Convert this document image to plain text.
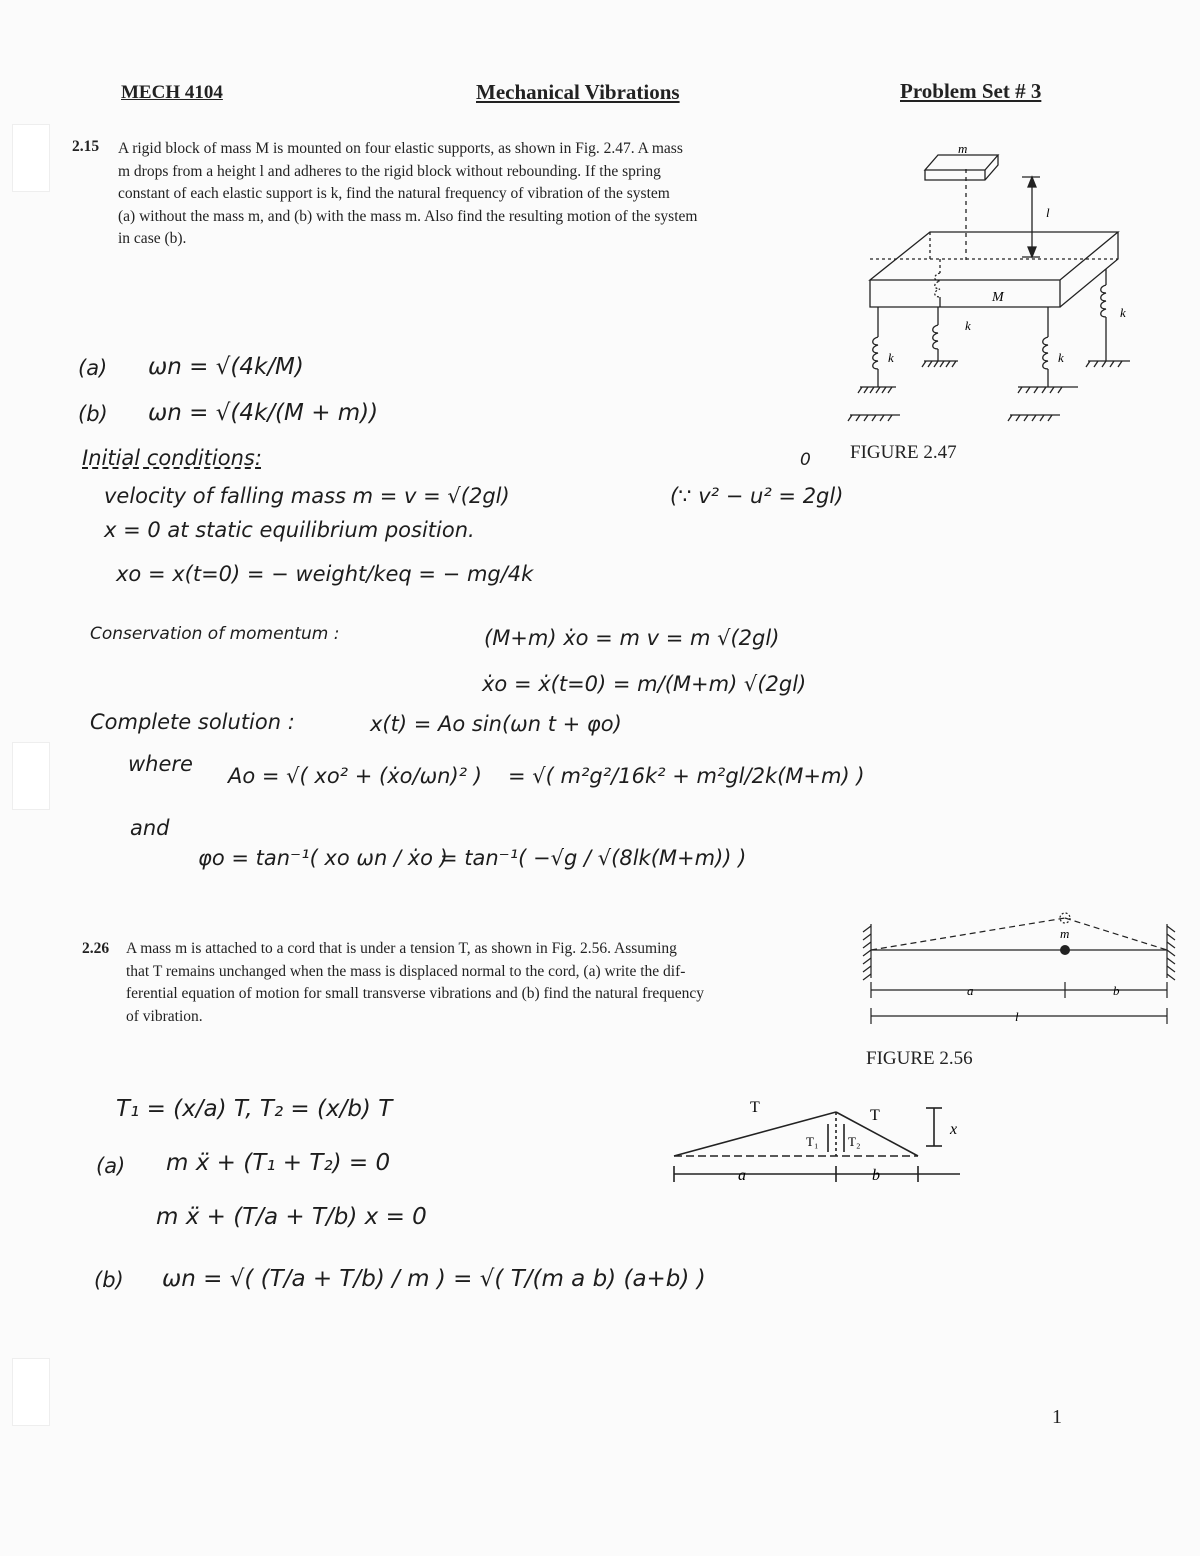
MECH 4104	Mechanical Vibrations	Problem Set # 3
2.15 A rigid block of mass M is mounted on four elastic supports, as shown in Fig. 2.47. A mass
m drops from a height l and adheres to the rigid block without rebounding. If the spring
constant of each elastic support is k, find the natural frequency of vibration of the system
(a) without the mass m, and (b) with the mass m. Also find the resulting motion of the system
in case (b).
m
l
M
k
k	k
k
FIGURE 2.47
(a) ωn = √(4k/M)
(b) ωn = √(4k/(M + m))
Initial conditions:
velocity of falling mass m = v = √(2gl)	(∵ v² − u² = 2gl)
0
x = 0 at static equilibrium position.
xo = x(t=0) = − weight/keq = − mg/4k
Conservation of momentum :	(M+m) ẋo = m v = m √(2gl)
ẋo = ẋ(t=0) = m/(M+m) √(2gl)
Complete solution :	x(t) = Ao sin(ωn t + φo)
where Ao = √( xo² + (ẋo/ωn)² ) = √( m²g²/16k² + m²gl/2k(M+m) )
and
φo = tan⁻¹( xo ωn / ẋo )
= tan⁻¹( −√g / √(8lk(M+m)) )
2.26 A mass m is attached to a cord that is under a tension T, as shown in Fig. 2.56. Assuming
that T remains unchanged when the mass is displaced normal to the cord, (a) write the dif-
ferential equation of motion for small transverse vibrations and (b) find the natural frequency
of vibration.
m
a	b
l
FIGURE 2.56
T₁ = (x/a) T, T₂ = (x/b) T
(a) m ẍ + (T₁ + T₂) = 0
m ẍ + (T/a + T/b) x = 0
(b) ωn = √( (T/a + T/b) / m ) = √( T/(m a b) (a+b) )
T	T
T₁ T₂
x
a	b
1
